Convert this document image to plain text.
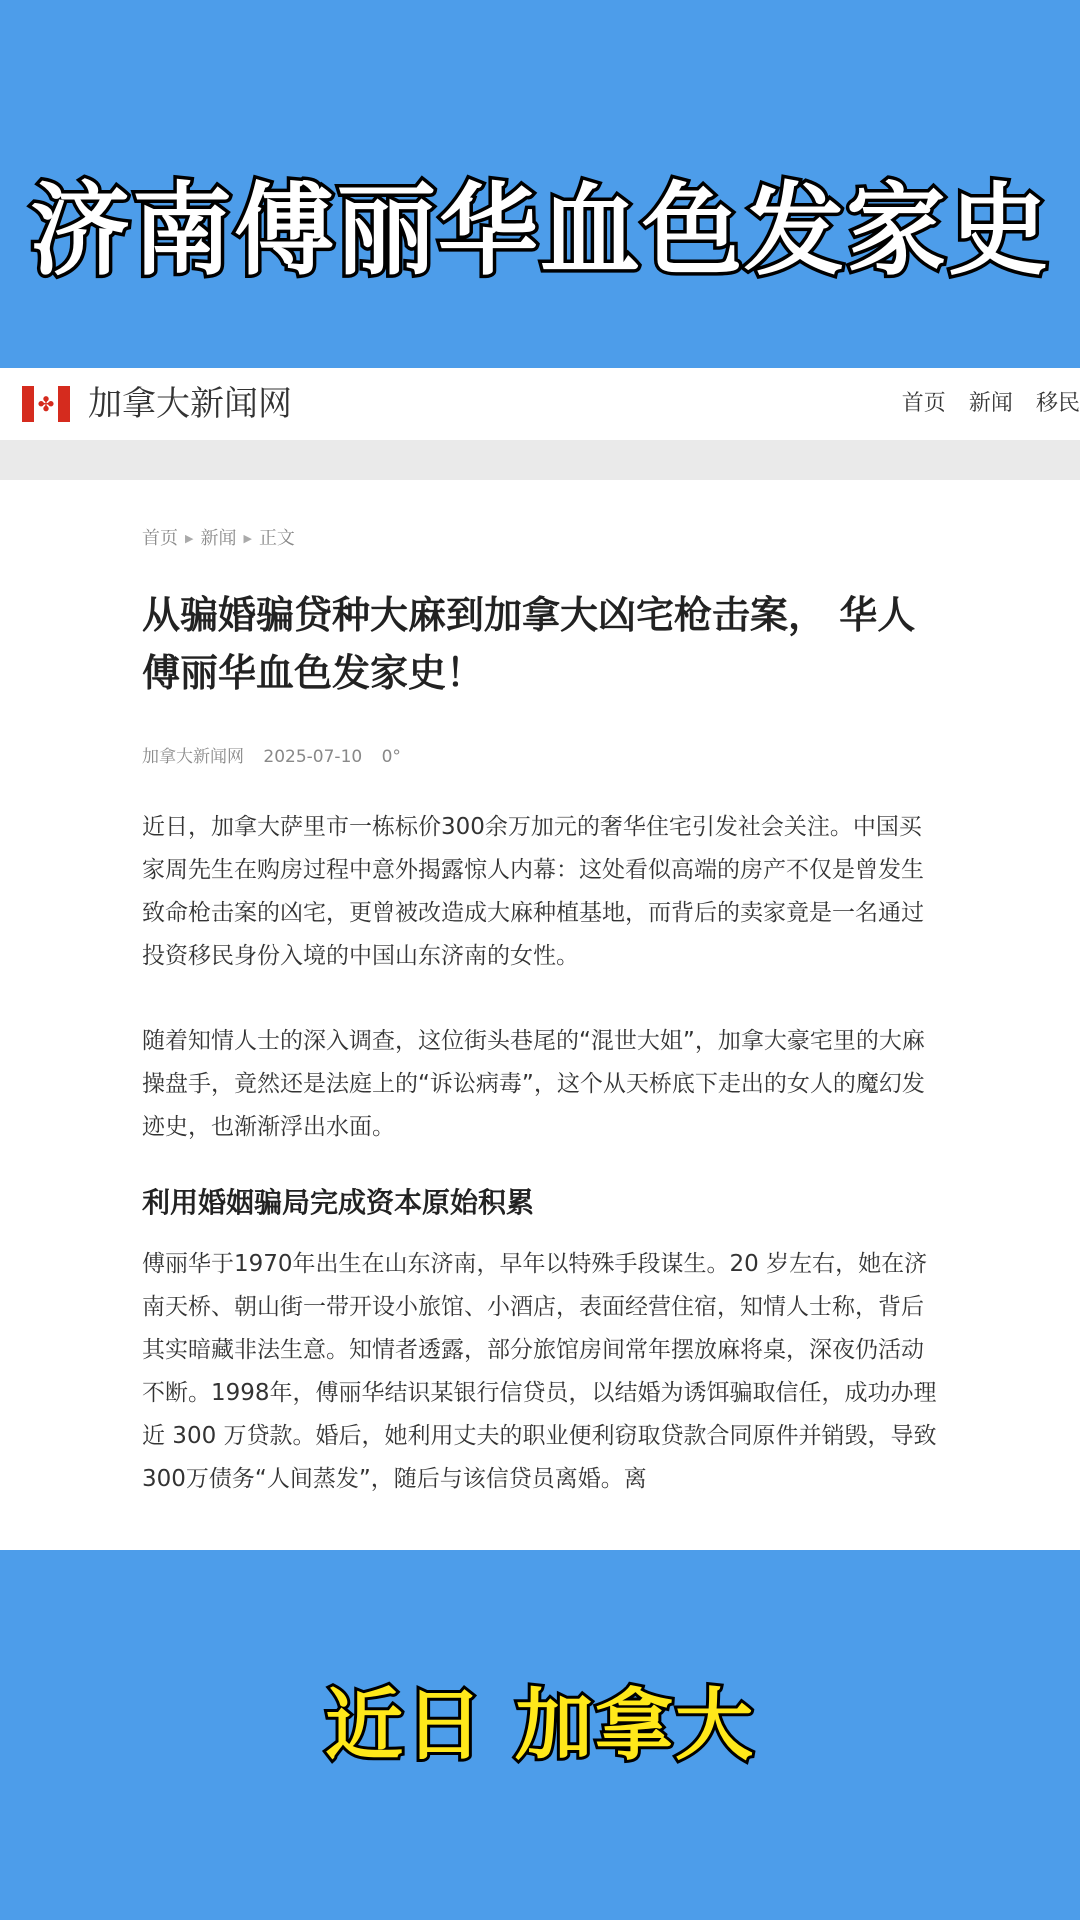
济南傅丽华血色发家史
✤ 加拿大新闻网	首页 新闻 移民
首页 ▶ 新闻 ▶ 正文
从骗婚骗贷种大麻到加拿大凶宅枪击案， 华人傅丽华血色发家史！
加拿大新闻网 2025-07-10 0°

近日，加拿大萨里市一栋标价300余万加元的奢华住宅引发社会关注。中国买家周先生在购房过程中意外揭露惊人内幕：这处看似高端的房产不仅是曾发生致命枪击案的凶宅，更曾被改造成大麻种植基地，而背后的卖家竟是一名通过投资移民身份入境的中国山东济南的女性。

随着知情人士的深入调查，这位街头巷尾的“混世大姐”，加拿大豪宅里的大麻操盘手，竟然还是法庭上的“诉讼病毒”，这个从天桥底下走出的女人的魔幻发迹史，也渐渐浮出水面。

利用婚姻骗局完成资本原始积累

傅丽华于1970年出生在山东济南，早年以特殊手段谋生。20 岁左右，她在济南天桥、朝山街一带开设小旅馆、小酒店，表面经营住宿，知情人士称，背后其实暗藏非法生意。知情者透露，部分旅馆房间常年摆放麻将桌，深夜仍活动不断。1998年，傅丽华结识某银行信贷员，以结婚为诱饵骗取信任，成功办理近 300 万贷款。婚后，她利用丈夫的职业便利窃取贷款合同原件并销毁，导致300万债务“人间蒸发”，随后与该信贷员离婚。离

近日 加拿大
